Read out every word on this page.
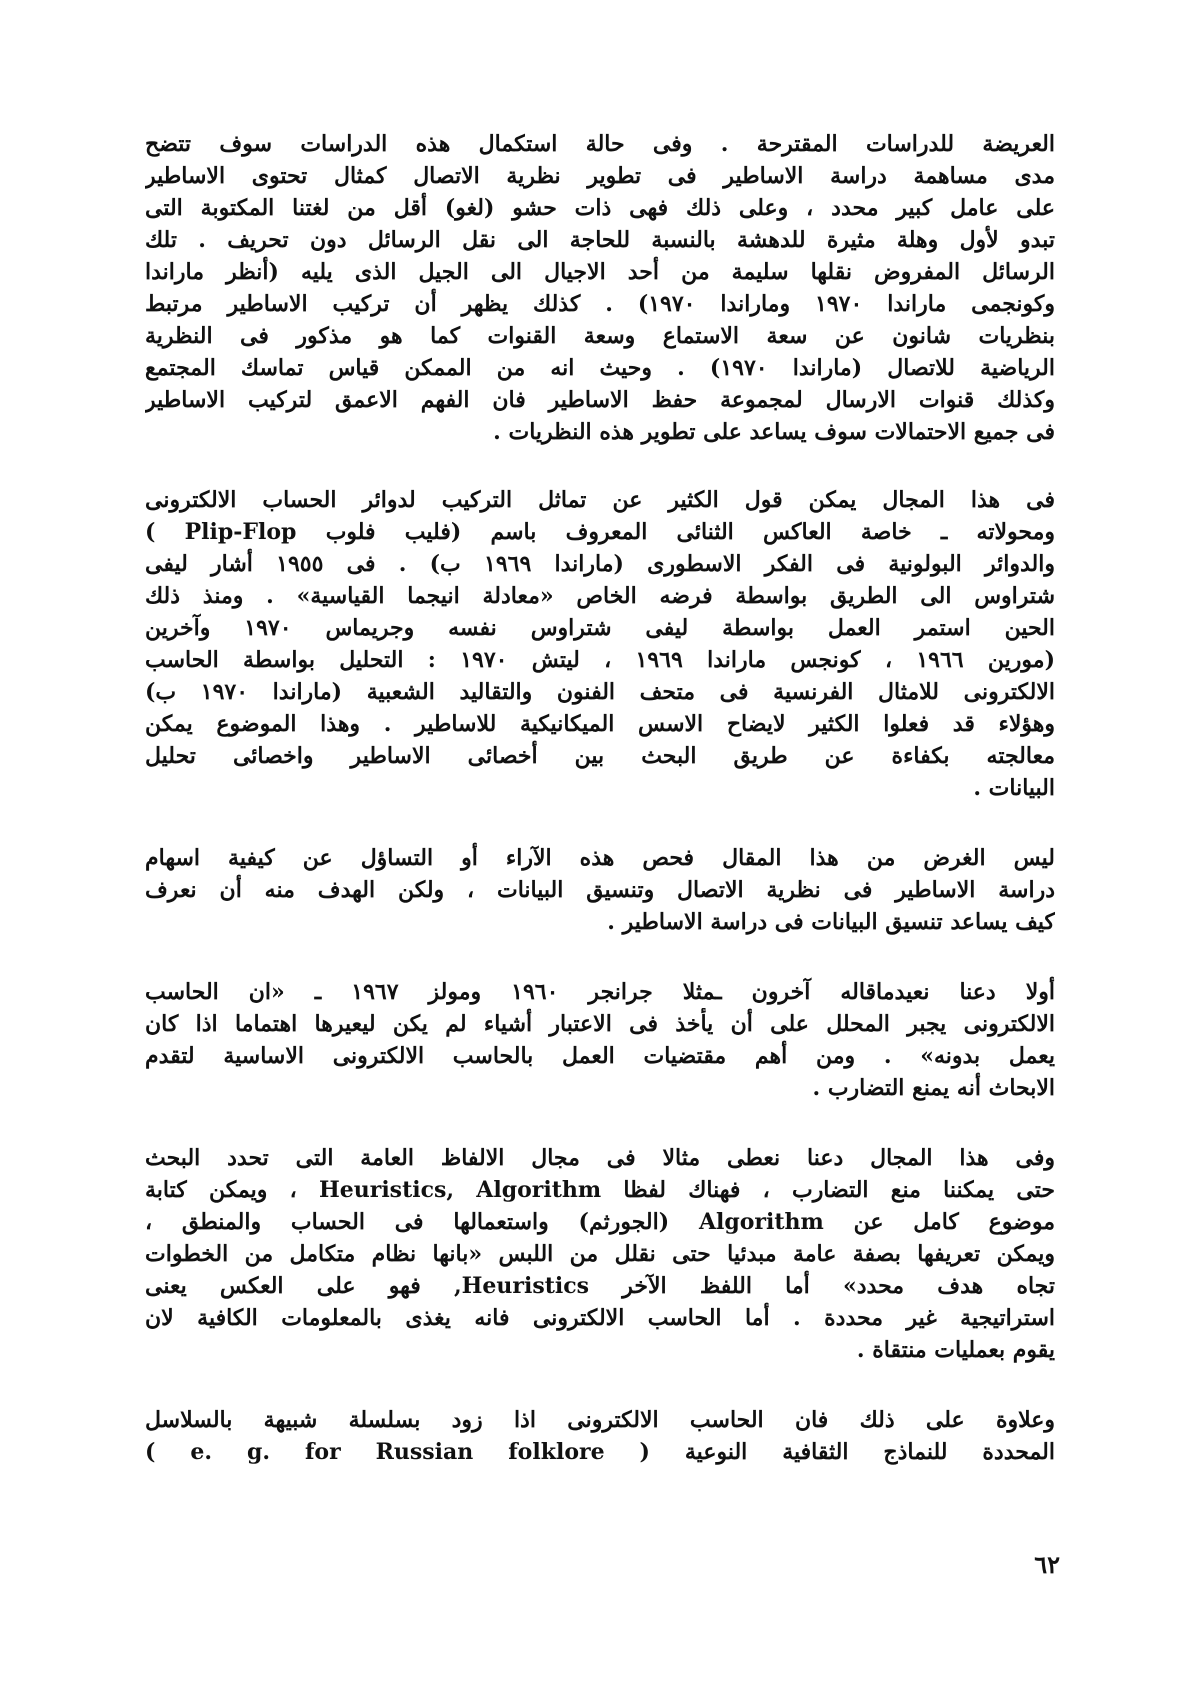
العريضة للدراسات المقترحة . وفى حالة استكمال هذه الدراسات سوف تتضح
مدى مساهمة دراسة الاساطير فى تطوير نظرية الاتصال كمثال تحتوى الاساطير
على عامل كبير محدد ، وعلى ذلك فهى ذات حشو (لغو) أقل من لغتنا المكتوبة التى
تبدو لأول وهلة مثيرة للدهشة بالنسبة للحاجة الى نقل الرسائل دون تحريف . تلك
الرسائل المفروض نقلها سليمة من أحد الاجيال الى الجيل الذى يليه (أنظر ماراندا
وكونجمى ماراندا ١٩٧٠ وماراندا ١٩٧٠) . كذلك يظهر أن تركيب الاساطير مرتبط
بنظريات شانون عن سعة الاستماع وسعة القنوات كما هو مذكور فى النظرية
الرياضية للاتصال (ماراندا ١٩٧٠) . وحيث انه من الممكن قياس تماسك المجتمع
وكذلك قنوات الارسال لمجموعة حفظ الاساطير فان الفهم الاعمق لتركيب الاساطير
فى جميع الاحتمالات سوف يساعد على تطوير هذه النظريات .
فى هذا المجال يمكن قول الكثير عن تماثل التركيب لدوائر الحساب الالكترونى
ومحولاته ـ خاصة العاكس الثنائى المعروف باسم (فليب فلوب ( Plip-Flop
والدوائر البولونية فى الفكر الاسطورى (ماراندا ١٩٦٩ ب) . فى ١٩٥٥ أشار ليفى
شتراوس الى الطريق بواسطة فرضه الخاص «معادلة انيجما القياسية» . ومنذ ذلك
الحين استمر العمل بواسطة ليفى شتراوس نفسه وجريماس ١٩٧٠ وآخرين
(مورين ١٩٦٦ ، كونجس ماراندا ١٩٦٩ ، ليتش ١٩٧٠ : التحليل بواسطة الحاسب
الالكترونى للامثال الفرنسية فى متحف الفنون والتقاليد الشعبية (ماراندا ١٩٧٠ ب)
وهؤلاء قد فعلوا الكثير لايضاح الاسس الميكانيكية للاساطير . وهذا الموضوع يمكن
معالجته بكفاءة عن طريق البحث بين أخصائى الاساطير واخصائى تحليل
البيانات .
ليس الغرض من هذا المقال فحص هذه الآراء أو التساؤل عن كيفية اسهام
دراسة الاساطير فى نظرية الاتصال وتنسيق البيانات ، ولكن الهدف منه أن نعرف
كيف يساعد تنسيق البيانات فى دراسة الاساطير .
أولا دعنا نعيدماقاله آخرون ـمثلا جرانجر ١٩٦٠ ومولز ١٩٦٧ ـ «ان الحاسب
الالكترونى يجبر المحلل على أن يأخذ فى الاعتبار أشياء لم يكن ليعيرها اهتماما اذا كان
يعمل بدونه» . ومن أهم مقتضيات العمل بالحاسب الالكترونى الاساسية لتقدم
الابحاث أنه يمنع التضارب .
وفى هذا المجال دعنا نعطى مثالا فى مجال الالفاظ العامة التى تحدد البحث
حتى يمكننا منع التضارب ، فهناك لفظا Heuristics, Algorithm ، ويمكن كتابة
موضوع كامل عن Algorithm (الجورثم) واستعمالها فى الحساب والمنطق ،
ويمكن تعريفها بصفة عامة مبدئيا حتى نقلل من اللبس «بانها نظام متكامل من الخطوات
تجاه هدف محدد» أما اللفظ الآخر Heuristics, فهو على العكس يعنى
استراتيجية غير محددة . أما الحاسب الالكترونى فانه يغذى بالمعلومات الكافية لان
يقوم بعمليات منتقاة .
وعلاوة على ذلك فان الحاسب الالكترونى اذا زود بسلسلة شبيهة بالسلاسل
المحددة للنماذج الثقافية النوعية ( e. g. for Russian folklore )
٦٢
